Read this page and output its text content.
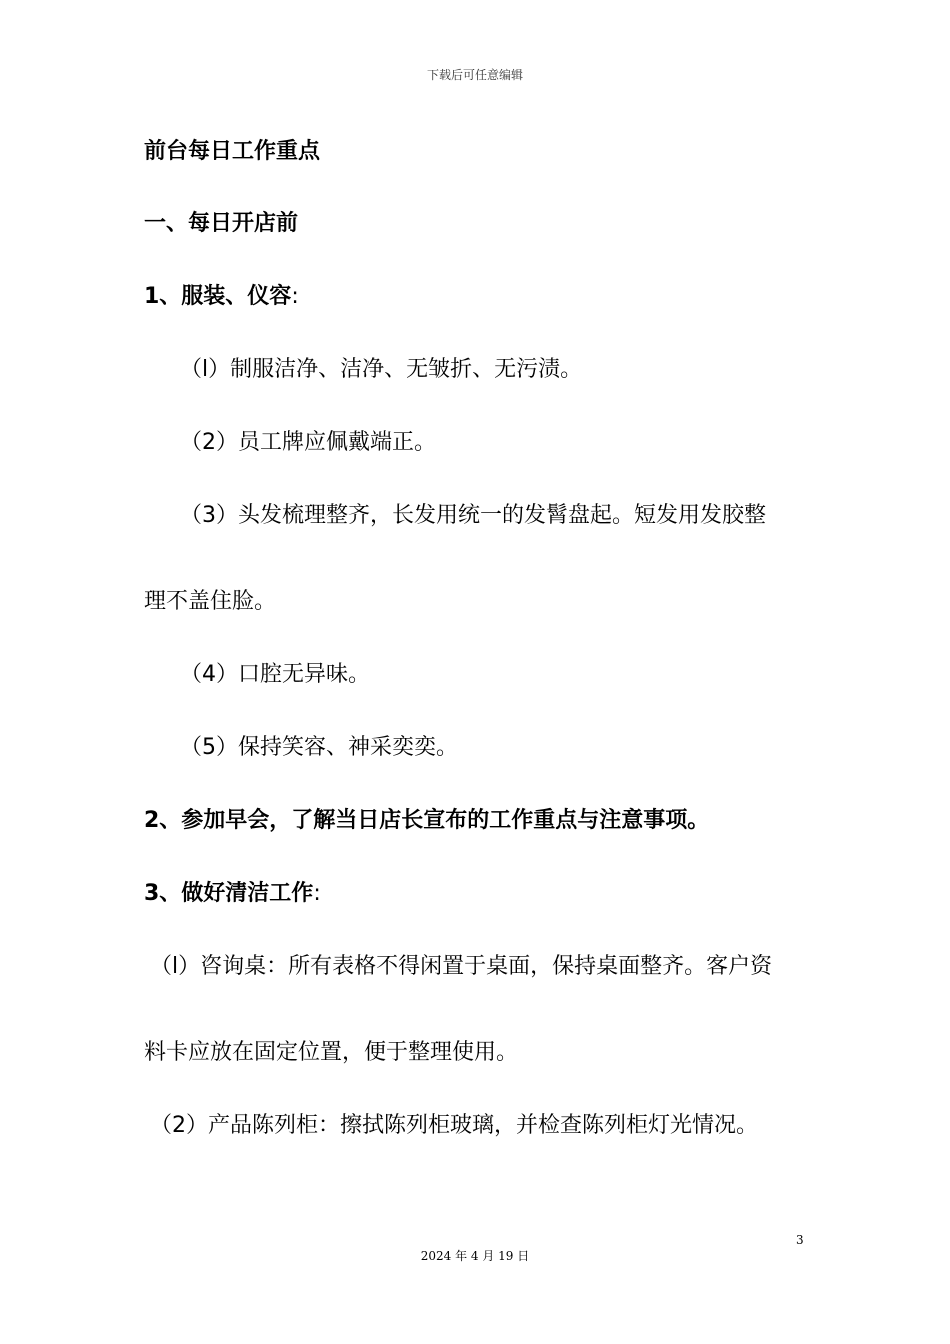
下载后可任意编辑
前台每日工作重点
一、每日开店前
1、服装、仪容:
（l）制服洁净、洁净、无皱折、无污渍。
（2）员工牌应佩戴端正。
（3）头发梳理整齐，长发用统一的发髾盘起。短发用发胶整
理不盖住脸。
（4）口腔无异味。
（5）保持笑容、神采奕奕。
2、参加早会，了解当日店长宣布的工作重点与注意事项。
3、做好清洁工作:
（l）咨询桌：所有表格不得闲置于桌面，保持桌面整齐。客户资
料卡应放在固定位置，便于整理使用。
（2）产品陈列柜：擦拭陈列柜玻璃，并检查陈列柜灯光情况。
3
2024 年 4 月 19 日
